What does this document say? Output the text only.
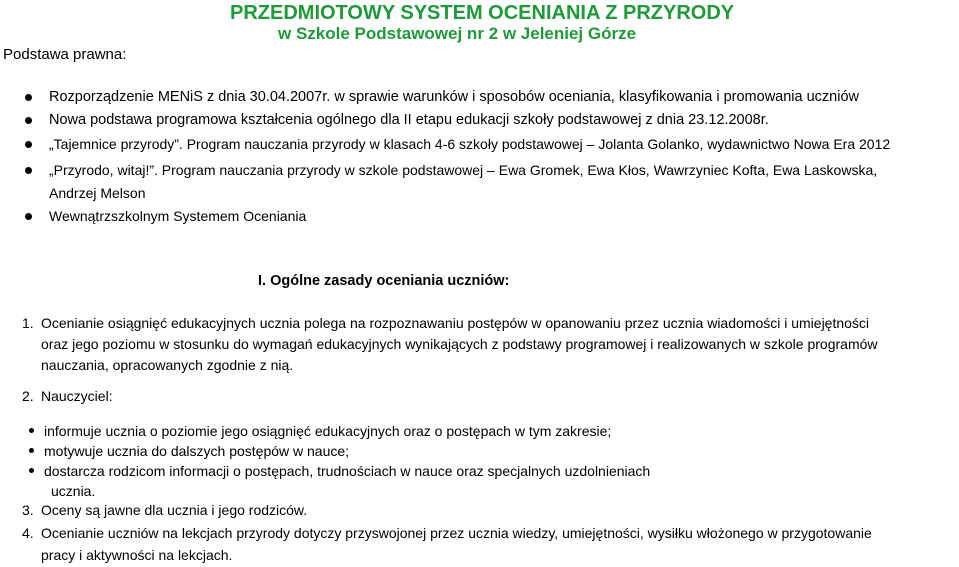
PRZEDMIOTOWY SYSTEM OCENIANIA Z PRZYRODY
w Szkole Podstawowej nr 2 w Jeleniej Górze
Podstawa prawna:
Rozporządzenie MENiS z dnia 30.04.2007r. w sprawie warunków i sposobów oceniania, klasyfikowania i promowania uczniów
Nowa podstawa programowa kształcenia ogólnego dla II etapu edukacji szkoły podstawowej z dnia 23.12.2008r.
„Tajemnice przyrody”. Program nauczania przyrody w klasach 4-6 szkoły podstawowej – Jolanta Golanko, wydawnictwo Nowa Era 2012
„Przyrodo, witaj!”. Program nauczania przyrody w szkole podstawowej – Ewa Gromek, Ewa Kłos, Wawrzyniec Kofta, Ewa Laskowska,
Andrzej Melson
Wewnątrzszkolnym Systemem Oceniania
I. Ogólne zasady oceniania uczniów:
1. Ocenianie osiągnięć edukacyjnych ucznia polega na rozpoznawaniu postępów w opanowaniu przez ucznia wiadomości i umiejętności
oraz jego poziomu w stosunku do wymagań edukacyjnych wynikających z podstawy programowej i realizowanych w szkole programów
nauczania, opracowanych zgodnie z nią.
2. Nauczyciel:
informuje ucznia o poziomie jego osiągnięć edukacyjnych oraz o postępach w tym zakresie;
motywuje ucznia do dalszych postępów w nauce;
dostarcza rodzicom informacji o postępach, trudnościach w nauce oraz specjalnych uzdolnieniach
ucznia.
3. Oceny są jawne dla ucznia i jego rodziców.
4. Ocenianie uczniów na lekcjach przyrody dotyczy przyswojonej przez ucznia wiedzy, umiejętności, wysiłku włożonego w przygotowanie
pracy i aktywności na lekcjach.
